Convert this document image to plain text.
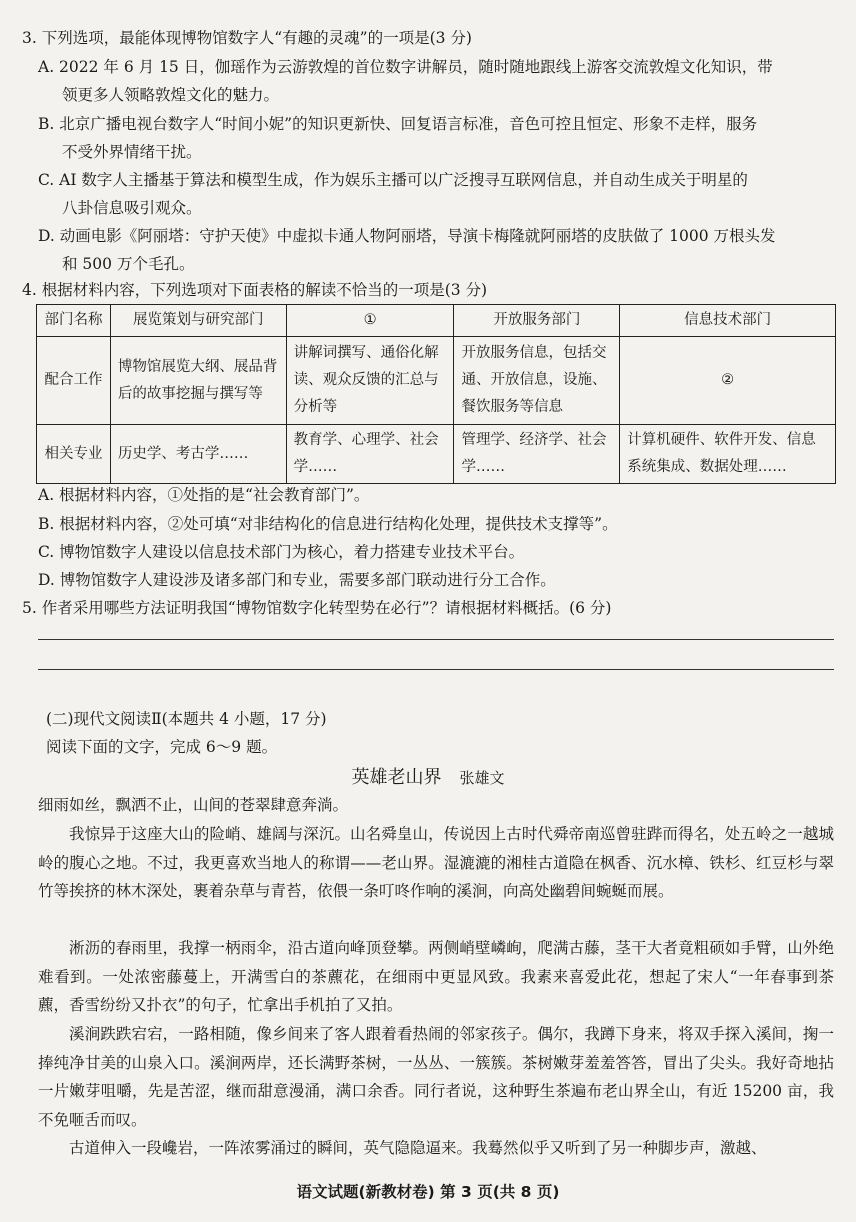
3. 下列选项，最能体现博物馆数字人“有趣的灵魂”的一项是(3 分)
A. 2022 年 6 月 15 日，伽瑶作为云游敦煌的首位数字讲解员，随时随地跟线上游客交流敦煌文化知识，带
领更多人领略敦煌文化的魅力。
B. 北京广播电视台数字人“时间小妮”的知识更新快、回复语言标准，音色可控且恒定、形象不走样，服务
不受外界情绪干扰。
C. AI 数字人主播基于算法和模型生成，作为娱乐主播可以广泛搜寻互联网信息，并自动生成关于明星的
八卦信息吸引观众。
D. 动画电影《阿丽塔：守护天使》中虚拟卡通人物阿丽塔，导演卡梅隆就阿丽塔的皮肤做了 1000 万根头发
和 500 万个毛孔。
4. 根据材料内容，下列选项对下面表格的解读不恰当的一项是(3 分)
部门名称	展览策划与研究部门	①	开放服务部门	信息技术部门
配合工作	博物馆展览大纲、展品背后的故事挖掘与撰写等	讲解词撰写、通俗化解读、观众反馈的汇总与分析等	开放服务信息，包括交通、开放信息，设施、餐饮服务等信息	②
相关专业	历史学、考古学……	教育学、心理学、社会学……	管理学、经济学、社会学……	计算机硬件、软件开发、信息系统集成、数据处理……
A. 根据材料内容，①处指的是“社会教育部门”。
B. 根据材料内容，②处可填“对非结构化的信息进行结构化处理，提供技术支撑等”。
C. 博物馆数字人建设以信息技术部门为核心，着力搭建专业技术平台。
D. 博物馆数字人建设涉及诸多部门和专业，需要多部门联动进行分工合作。
5. 作者采用哪些方法证明我国“博物馆数字化转型势在必行”？请根据材料概括。(6 分)
(二)现代文阅读Ⅱ(本题共 4 小题，17 分)
阅读下面的文字，完成 6～9 题。
英雄老山界 张雄文
细雨如丝，飘洒不止，山间的苍翠肆意奔淌。
我惊异于这座大山的险峭、雄阔与深沉。山名舜皇山，传说因上古时代舜帝南巡曾驻跸而得名，处五岭之一越城岭的腹心之地。不过，我更喜欢当地人的称谓——老山界。湿漉漉的湘桂古道隐在枫香、沉水樟、铁杉、红豆杉与翠竹等挨挤的林木深处，裹着杂草与青苔，依偎一条叮咚作响的溪涧，向高处幽碧间蜿蜒而展。
淅沥的春雨里，我撑一柄雨伞，沿古道向峰顶登攀。两侧峭壁嶙峋，爬满古藤，茎干大者竟粗硕如手臂，山外绝难看到。一处浓密藤蔓上，开满雪白的茶藨花，在细雨中更显风致。我素来喜爱此花，想起了宋人“一年春事到茶藨，香雪纷纷又扑衣”的句子，忙拿出手机拍了又拍。
溪涧跌跌宕宕，一路相随，像乡间来了客人跟着看热闹的邻家孩子。偶尔，我蹲下身来，将双手探入溪间，掬一捧纯净甘美的山泉入口。溪涧两岸，还长满野茶树，一丛丛、一簇簇。茶树嫩芽羞羞答答，冒出了尖头。我好奇地拈一片嫩芽咀嚼，先是苦涩，继而甜意漫涌，满口余香。同行者说，这种野生茶遍布老山界全山，有近 15200 亩，我不免咂舌而叹。
古道伸入一段巉岩，一阵浓雾涌过的瞬间，英气隐隐逼来。我蓦然似乎又听到了另一种脚步声，激越、
语文试题(新教材卷) 第 3 页(共 8 页)
